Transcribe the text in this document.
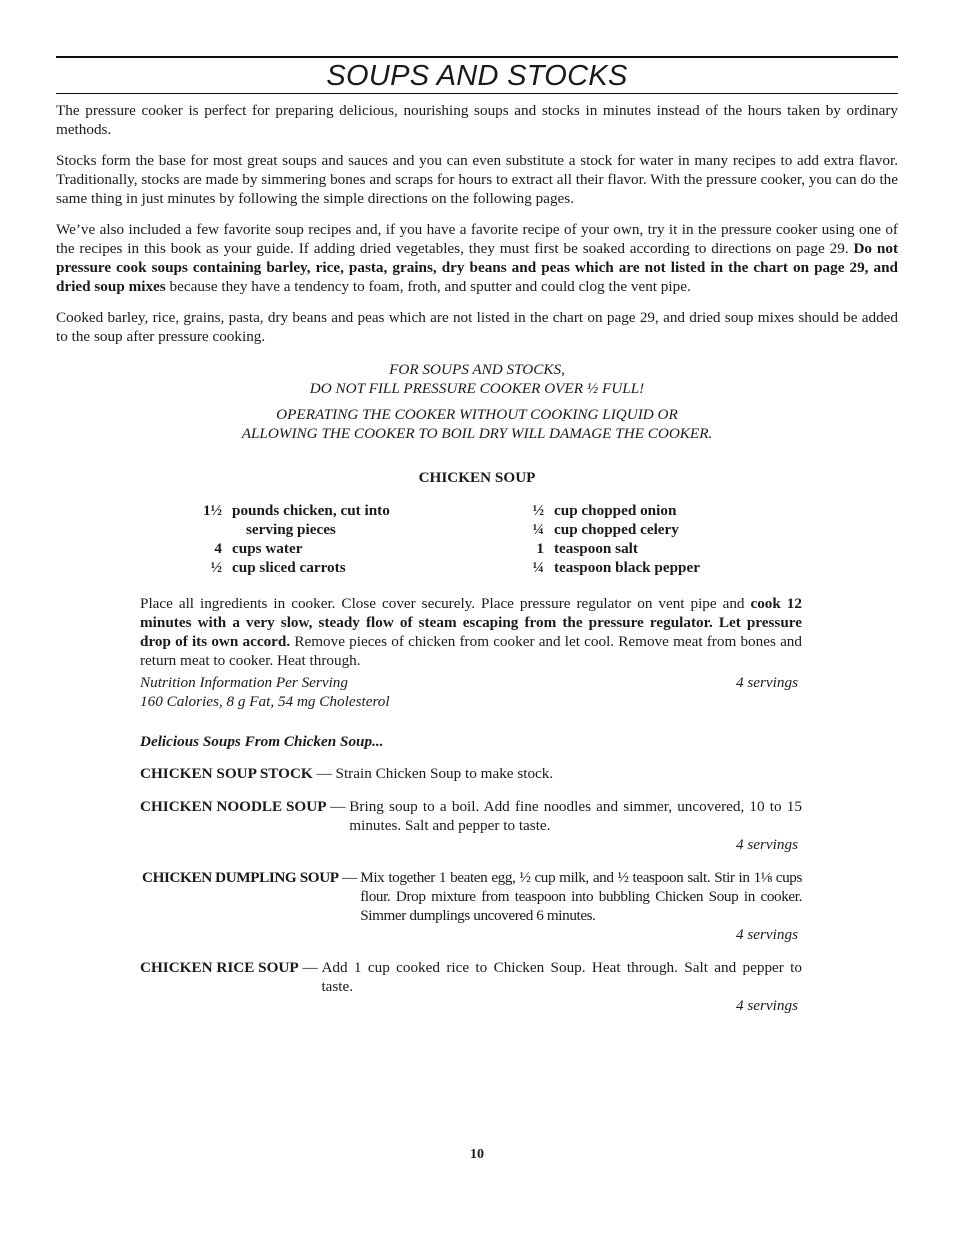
SOUPS AND STOCKS

The pressure cooker is perfect for preparing delicious, nourishing soups and stocks in minutes instead of the hours taken by ordinary methods.

Stocks form the base for most great soups and sauces and you can even substitute a stock for water in many recipes to add extra flavor. Traditionally, stocks are made by simmering bones and scraps for hours to extract all their flavor. With the pressure cooker, you can do the same thing in just minutes by following the simple directions on the following pages.

We’ve also included a few favorite soup recipes and, if you have a favorite recipe of your own, try it in the pressure cooker using one of the recipes in this book as your guide. If adding dried vegetables, they must first be soaked according to directions on page 29. Do not pressure cook soups containing barley, rice, pasta, grains, dry beans and peas which are not listed in the chart on page 29, and dried soup mixes because they have a tendency to foam, froth, and sputter and could clog the vent pipe.

Cooked barley, rice, grains, pasta, dry beans and peas which are not listed in the chart on page 29, and dried soup mixes should be added to the soup after pressure cooking.

FOR SOUPS AND STOCKS,
DO NOT FILL PRESSURE COOKER OVER ½ FULL!
OPERATING THE COOKER WITHOUT COOKING LIQUID OR
ALLOWING THE COOKER TO BOIL DRY WILL DAMAGE THE COOKER.
CHICKEN SOUP
1½ pounds chicken, cut into
serving pieces
4 cups water
½ cup sliced carrots
½ cup chopped onion
¼ cup chopped celery
1 teaspoon salt
¼ teaspoon black pepper

Place all ingredients in cooker. Close cover securely. Place pressure regulator on vent pipe and cook 12 minutes with a very slow, steady flow of steam escaping from the pressure regulator. Let pressure drop of its own accord. Remove pieces of chicken from cooker and let cool. Remove meat from bones and return meat to cooker. Heat through.

Nutrition Information Per Serving	4 servings
160 Calories, 8 g Fat, 54 mg Cholesterol
Delicious Soups From Chicken Soup...
CHICKEN SOUP STOCK — Strain Chicken Soup to make stock.
CHICKEN NOODLE SOUP — Bring soup to a boil. Add fine noodles and simmer, uncovered, 10 to 15 minutes. Salt and pepper to taste.
4 servings
CHICKEN DUMPLING SOUP — Mix together 1 beaten egg, ½ cup milk, and ½ teaspoon salt. Stir in 1⅛ cups flour. Drop mixture from teaspoon into bubbling Chicken Soup in cooker. Simmer dumplings uncovered 6 minutes.
4 servings
CHICKEN RICE SOUP — Add 1 cup cooked rice to Chicken Soup. Heat through. Salt and pepper to taste.
4 servings
10
